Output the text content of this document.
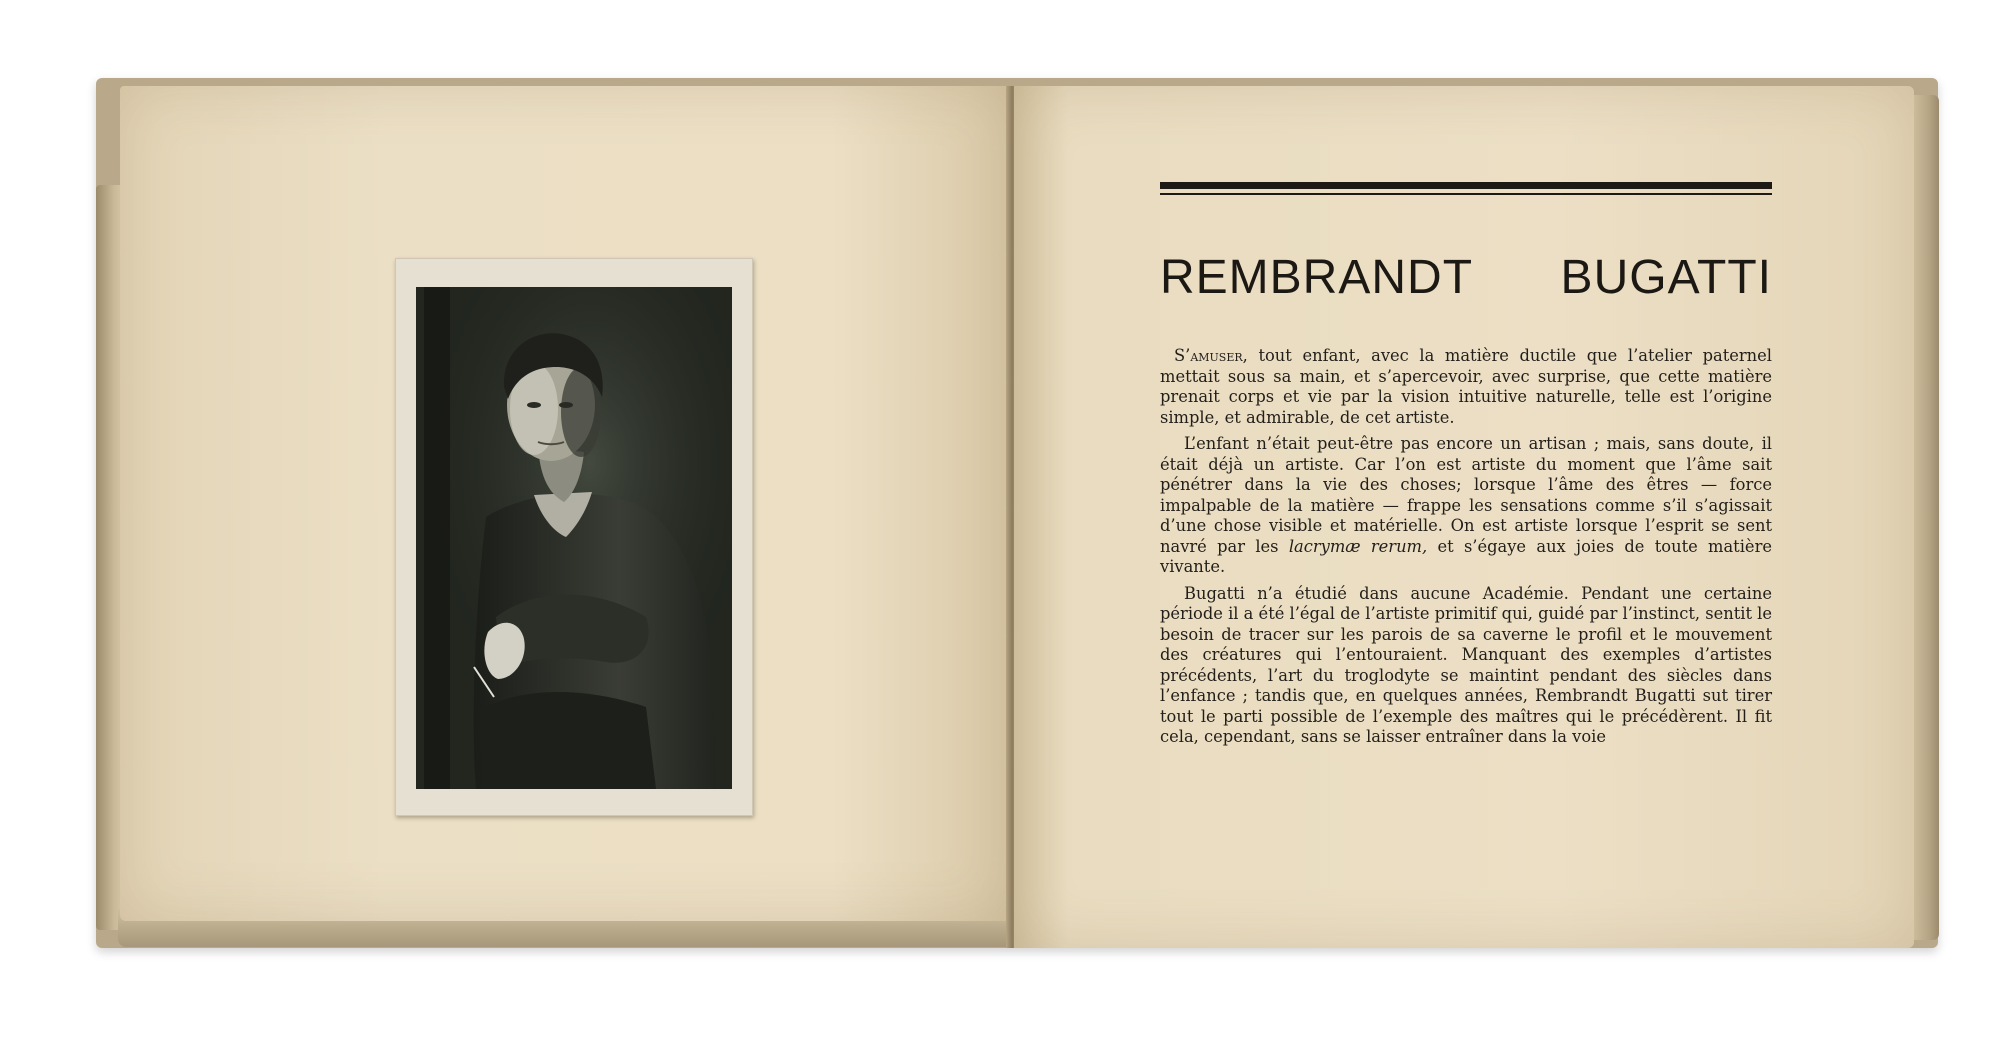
REMBRANDT BUGATTI

S’amuser, tout enfant, avec la matière ductile que l’atelier paternel mettait sous sa main, et s’apercevoir, avec surprise, que cette matière prenait corps et vie par la vision intuitive naturelle, telle est l’origine simple, et admirable, de cet artiste.

L’enfant n’était peut-être pas encore un artisan ; mais, sans doute, il était déjà un artiste. Car l’on est artiste du moment que l’âme sait pénétrer dans la vie des choses; lorsque l’âme des êtres — force impalpable de la matière — frappe les sensations comme s’il s’agissait d’une chose visible et matérielle. On est artiste lorsque l’esprit se sent navré par les lacrymæ rerum, et s’égaye aux joies de toute matière vivante.

Bugatti n’a étudié dans aucune Académie. Pendant une certaine période il a été l’égal de l’artiste primitif qui, guidé par l’instinct, sentit le besoin de tracer sur les parois de sa caverne le profil et le mouvement des créatures qui l’entouraient. Manquant des exemples d’artistes précédents, l’art du troglodyte se maintint pendant des siècles dans l’enfance ; tandis que, en quelques années, Rembrandt Bugatti sut tirer tout le parti possible de l’exemple des maîtres qui le précédèrent. Il fit cela, cependant, sans se laisser entraîner dans la voie
